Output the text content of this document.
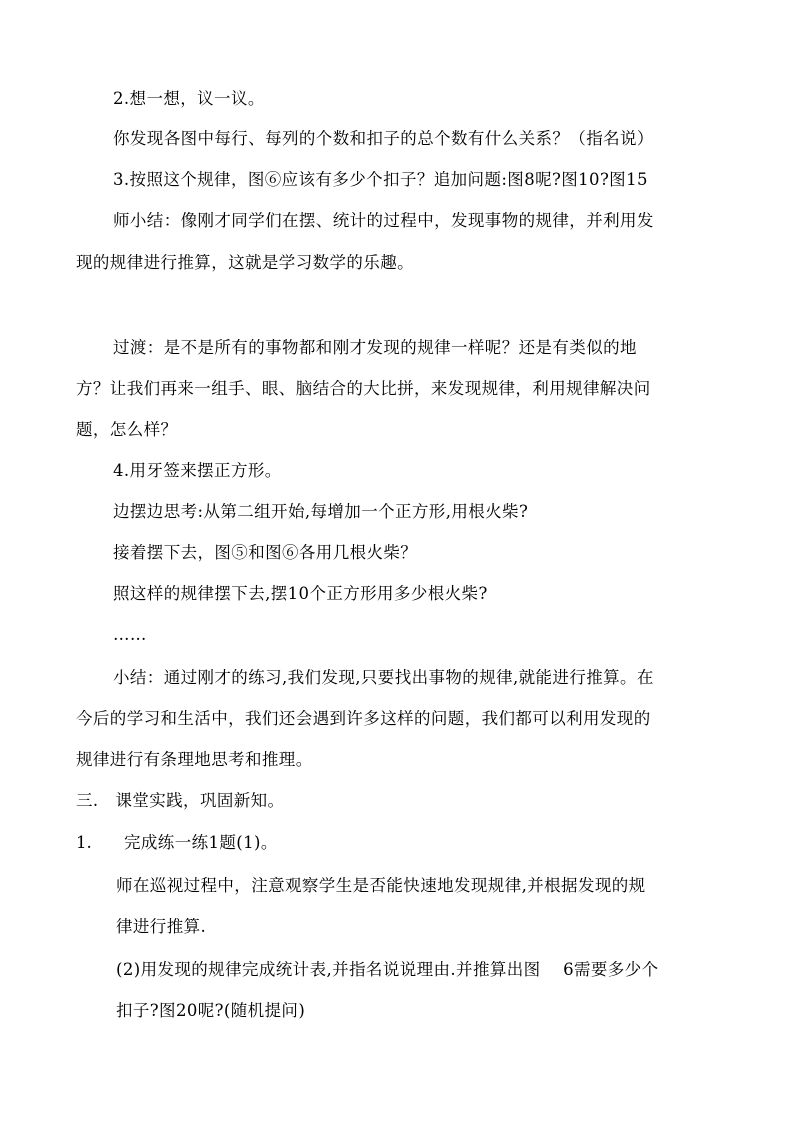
2.想一想，议一议。
你发现各图中每行、每列的个数和扣子的总个数有什么关系？（指名说）
3.按照这个规律，图⑥应该有多少个扣子？追加问题:图8呢?图10?图15
师小结：像刚才同学们在摆、统计的过程中，发现事物的规律，并利用发
现的规律进行推算，这就是学习数学的乐趣。
过渡：是不是所有的事物都和刚才发现的规律一样呢？还是有类似的地
方？让我们再来一组手、眼、脑结合的大比拼，来发现规律，利用规律解决问
题，怎么样？
4.用牙签来摆正方形。
边摆边思考:从第二组开始,每增加一个正方形,用根火柴?
接着摆下去，图⑤和图⑥各用几根火柴？
照这样的规律摆下去,摆10个正方形用多少根火柴?
……
小结：通过刚才的练习,我们发现,只要找出事物的规律,就能进行推算。在
今后的学习和生活中，我们还会遇到许多这样的问题，我们都可以利用发现的
规律进行有条理地思考和推理。
三.　课堂实践，巩固新知。
1. 完成练一练1题(1)。
师在巡视过程中，注意观察学生是否能快速地发现规律,并根据发现的规
律进行推算.
(2)用发现的规律完成统计表,并指名说说理由.并推算出图　 6需要多少个
扣子?图20呢?(随机提问)
